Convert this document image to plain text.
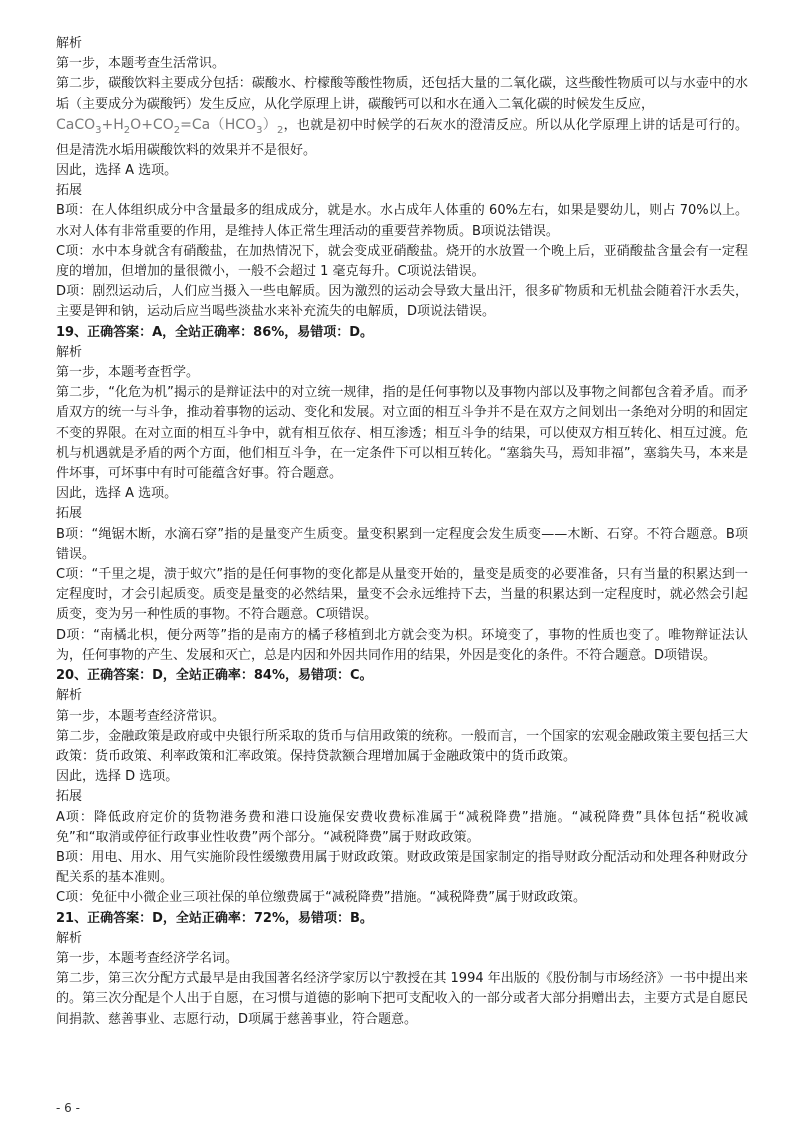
解析

第一步，本题考查生活常识。

第二步，碳酸饮料主要成分包括：碳酸水、柠檬酸等酸性物质，还包括大量的二氧化碳，这些酸性物质可以与水壶中的水垢（主要成分为碳酸钙）发生反应，从化学原理上讲，碳酸钙可以和水在通入二氧化碳的时候发生反应，
$CaCO_3+H_2O+CO_2=Ca(HCO_3)_2$，也就是初中时候学的石灰水的澄清反应。所以从化学原理上讲的话是可行的。但是清洗水垢用碳酸饮料的效果并不是很好。

因此，选择 A 选项。

拓展

B项：在人体组织成分中含量最多的组成成分，就是水。水占成年人体重的 60%左右，如果是婴幼儿，则占 70%以上。水对人体有非常重要的作用，是维持人体正常生理活动的重要营养物质。B项说法错误。

C项：水中本身就含有硝酸盐，在加热情况下，就会变成亚硝酸盐。烧开的水放置一个晚上后，亚硝酸盐含量会有一定程度的增加，但增加的量很微小，一般不会超过 1 毫克每升。C项说法错误。

D项：剧烈运动后，人们应当摄入一些电解质。因为激烈的运动会导致大量出汗，很多矿物质和无机盐会随着汗水丢失，主要是钾和钠，运动后应当喝些淡盐水来补充流失的电解质，D项说法错误。

19、正确答案：A，全站正确率：86%，易错项：D。

解析

第一步，本题考查哲学。

第二步，“化危为机”揭示的是辩证法中的对立统一规律，指的是任何事物以及事物内部以及事物之间都包含着矛盾。而矛盾双方的统一与斗争，推动着事物的运动、变化和发展。对立面的相互斗争并不是在双方之间划出一条绝对分明的和固定不变的界限。在对立面的相互斗争中，就有相互依存、相互渗透；相互斗争的结果，可以使双方相互转化、相互过渡。危机与机遇就是矛盾的两个方面，他们相互斗争，在一定条件下可以相互转化。“塞翁失马，焉知非福”，塞翁失马，本来是件坏事，可坏事中有时可能蕴含好事。符合题意。

因此，选择 A 选项。

拓展

B项：“绳锯木断，水滴石穿”指的是量变产生质变。量变积累到一定程度会发生质变——木断、石穿。不符合题意。B项错误。

C项：“千里之堤，溃于蚁穴”指的是任何事物的变化都是从量变开始的，量变是质变的必要准备，只有当量的积累达到一定程度时，才会引起质变。质变是量变的必然结果，量变不会永远维持下去，当量的积累达到一定程度时，就必然会引起质变，变为另一种性质的事物。不符合题意。C项错误。

D项：“南橘北枳，便分两等”指的是南方的橘子移植到北方就会变为枳。环境变了，事物的性质也变了。唯物辩证法认为，任何事物的产生、发展和灭亡，总是内因和外因共同作用的结果，外因是变化的条件。不符合题意。D项错误。

20、正确答案：D，全站正确率：84%，易错项：C。

解析

第一步，本题考查经济常识。

第二步，金融政策是政府或中央银行所采取的货币与信用政策的统称。一般而言，一个国家的宏观金融政策主要包括三大政策：货币政策、利率政策和汇率政策。保持贷款额合理增加属于金融政策中的货币政策。

因此，选择 D 选项。

拓展

A项：降低政府定价的货物港务费和港口设施保安费收费标准属于“减税降费”措施。“减税降费”具体包括“税收减免”和“取消或停征行政事业性收费”两个部分。“减税降费”属于财政政策。

B项：用电、用水、用气实施阶段性缓缴费用属于财政政策。财政政策是国家制定的指导财政分配活动和处理各种财政分配关系的基本准则。

C项：免征中小微企业三项社保的单位缴费属于“减税降费”措施。“减税降费”属于财政政策。

21、正确答案：D，全站正确率：72%，易错项：B。

解析

第一步，本题考查经济学名词。

第二步，第三次分配方式最早是由我国著名经济学家厉以宁教授在其 1994 年出版的《股份制与市场经济》一书中提出来的。第三次分配是个人出于自愿，在习惯与道德的影响下把可支配收入的一部分或者大部分捐赠出去，主要方式是自愿民间捐款、慈善事业、志愿行动，D项属于慈善事业，符合题意。

- 6 -
